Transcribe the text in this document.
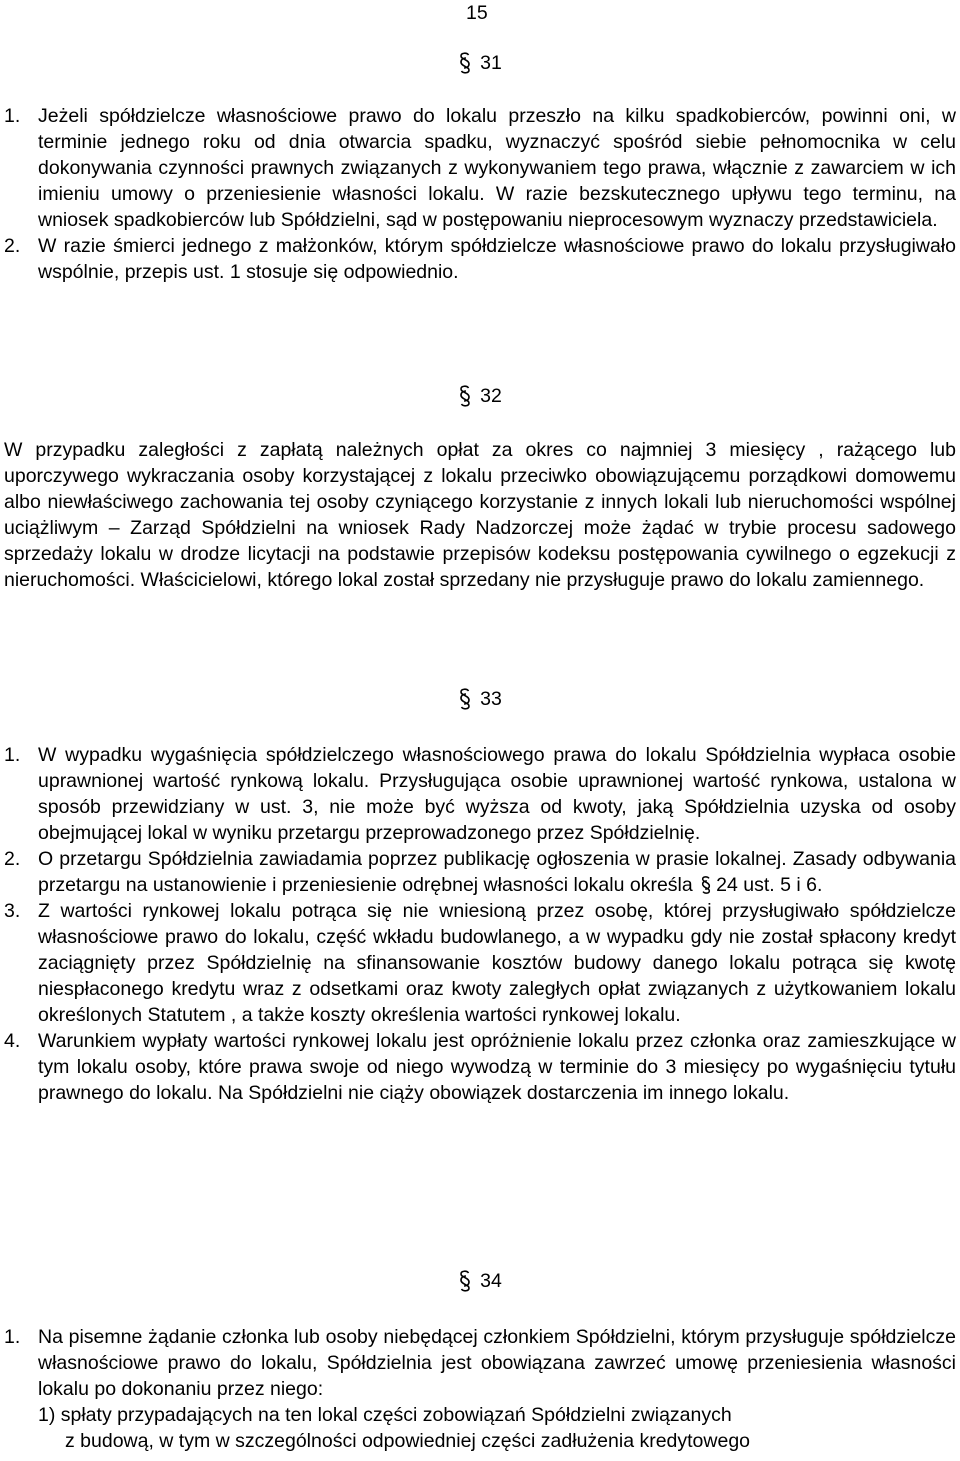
15
31
1. Jeżeli spółdzielcze własnościowe prawo do lokalu przeszło na kilku spadkobierców, powinni oni, w terminie jednego roku od dnia otwarcia spadku, wyznaczyć spośród siebie pełnomocnika w celu dokonywania czynności prawnych związanych z wykonywaniem tego prawa, włącznie z zawarciem w ich imieniu umowy o przeniesienie własności lokalu. W razie bezskutecznego upływu tego terminu, na wniosek spadkobierców lub Spółdzielni, sąd w postępowaniu nieprocesowym wyznaczy przedstawiciela.
2. W razie śmierci jednego z małżonków, którym spółdzielcze własnościowe prawo do lokalu przysługiwało wspólnie, przepis ust. 1 stosuje się odpowiednio.
32
W przypadku zaległości z zapłatą należnych opłat za okres co najmniej 3 miesięcy , rażącego lub uporczywego wykraczania osoby korzystającej z lokalu przeciwko obowiązującemu porządkowi domowemu albo niewłaściwego zachowania tej osoby czyniącego korzystanie z innych lokali lub nieruchomości wspólnej uciążliwym – Zarząd Spółdzielni na wniosek Rady Nadzorczej może żądać w trybie procesu sadowego sprzedaży lokalu w drodze licytacji na podstawie przepisów kodeksu postępowania cywilnego o egzekucji z nieruchomości. Właścicielowi, którego lokal został sprzedany nie przysługuje prawo do lokalu zamiennego.
33
1. W wypadku wygaśnięcia spółdzielczego własnościowego prawa do lokalu Spółdzielnia wypłaca osobie uprawnionej wartość rynkową lokalu. Przysługująca osobie uprawnionej wartość rynkowa, ustalona w sposób przewidziany w ust. 3, nie może być wyższa od kwoty, jaką Spółdzielnia uzyska od osoby obejmującej lokal w wyniku przetargu przeprowadzonego przez Spółdzielnię.
2. O przetargu Spółdzielnia zawiadamia poprzez publikację ogłoszenia w prasie lokalnej. Zasady odbywania przetargu na ustanowienie i przeniesienie odrębnej własności lokalu określa 24 ust. 5 i 6.
3. Z wartości rynkowej lokalu potrąca się nie wniesioną przez osobę, której przysługiwało spółdzielcze własnościowe prawo do lokalu, część wkładu budowlanego, a w wypadku gdy nie został spłacony kredyt zaciągnięty przez Spółdzielnię na sfinansowanie kosztów budowy danego lokalu potrąca się kwotę niespłaconego kredytu wraz z odsetkami oraz kwoty zaległych opłat związanych z użytkowaniem lokalu określonych Statutem , a także koszty określenia wartości rynkowej lokalu.
4. Warunkiem wypłaty wartości rynkowej lokalu jest opróżnienie lokalu przez członka oraz zamieszkujące w tym lokalu osoby, które prawa swoje od niego wywodzą w terminie do 3 miesięcy po wygaśnięciu tytułu prawnego do lokalu. Na Spółdzielni nie ciąży obowiązek dostarczenia im innego lokalu.
34
1. Na pisemne żądanie członka lub osoby niebędącej członkiem Spółdzielni, którym przysługuje spółdzielcze własnościowe prawo do lokalu, Spółdzielnia jest obowiązana zawrzeć umowę przeniesienia własności lokalu po dokonaniu przez niego:
1) spłaty przypadających na ten lokal części zobowiązań Spółdzielni związanych
z budową, w tym w szczególności odpowiedniej części zadłużenia kredytowego
